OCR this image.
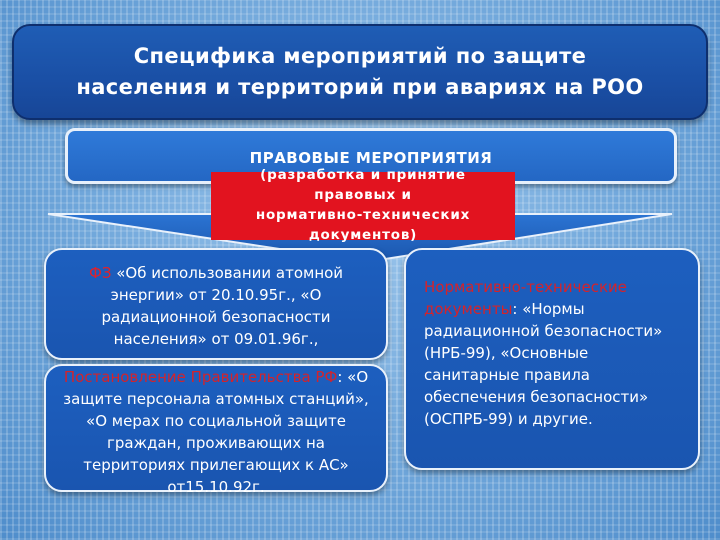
Специфика мероприятий по защите
населения и территорий при авариях на РОО
ПРАВОВЫЕ МЕРОПРИЯТИЯ
(разработка и принятие
правовых и
нормативно-технических
документов)
ФЗ «Об использовании атомной энергии» от 20.10.95г., «О радиационной безопасности населения» от 09.01.96г.,
Постановление Правительства РФ: «О защите персонала атомных станций», «О мерах по социальной защите граждан, проживающих на территориях прилегающих к АС» от15.10.92г.
Нормативно-технические документы: «Нормы радиационной безопасности» (НРБ-99), «Основные санитарные правила обеспечения безопасности» (ОСПРБ-99) и другие.
